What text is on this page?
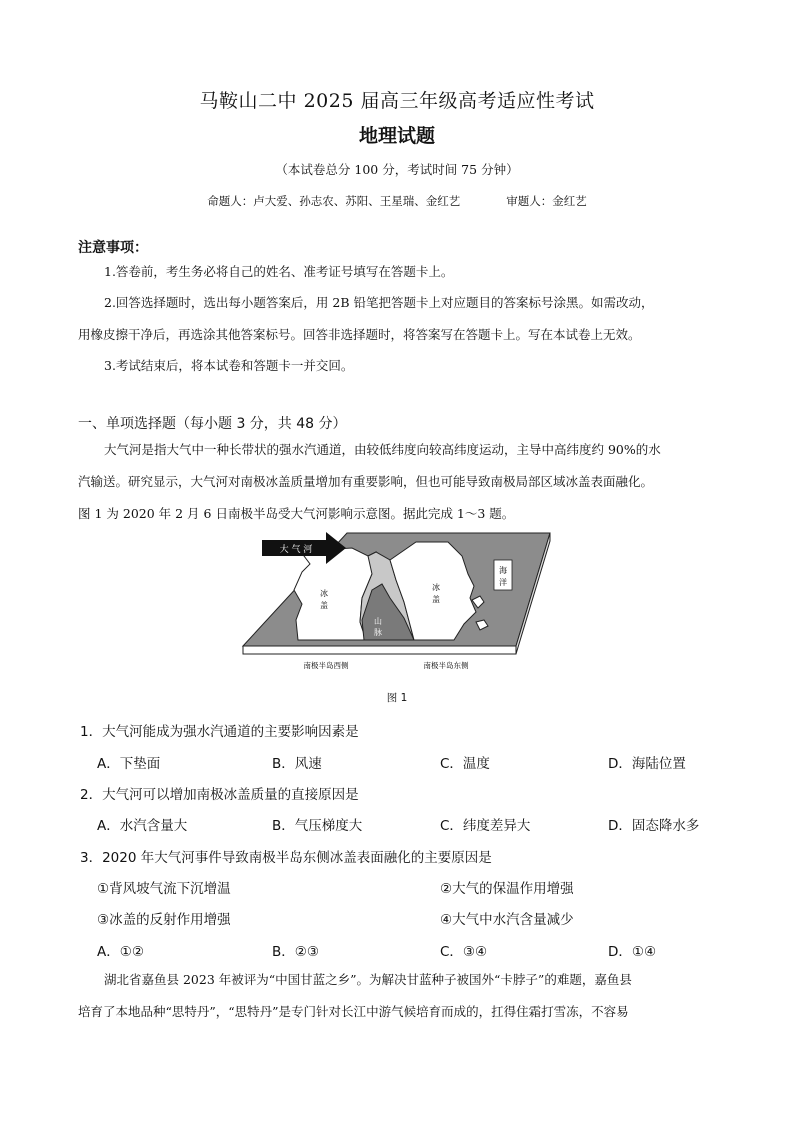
马鞍山二中 2025 届高三年级高考适应性考试
地理试题
（本试卷总分 100 分，考试时间 75 分钟）
命题人：卢大爱、孙志农、苏阳、王星瑞、金红艺	审题人：金红艺
注意事项：
1.答卷前，考生务必将自己的姓名、准考证号填写在答题卡上。
2.回答选择题时，选出每小题答案后，用 2B 铅笔把答题卡上对应题目的答案标号涂黑。如需改动，
用橡皮擦干净后，再选涂其他答案标号。回答非选择题时，将答案写在答题卡上。写在本试卷上无效。
3.考试结束后，将本试卷和答题卡一并交回。
一、单项选择题（每小题 3 分，共 48 分）
大气河是指大气中一种长带状的强水汽通道，由较低纬度向较高纬度运动，主导中高纬度约 90%的水
汽输送。研究显示，大气河对南极冰盖质量增加有重要影响，但也可能导致南极局部区域冰盖表面融化。
图 1 为 2020 年 2 月 6 日南极半岛受大气河影响示意图。据此完成 1～3 题。
海
洋
大 气 河
冰
盖
冰
盖
山
脉
南极半岛西侧	南极半岛东侧
图 1
1．大气河能成为强水汽通道的主要影响因素是
A．下垫面	B．风速	C．温度	D．海陆位置
2．大气河可以增加南极冰盖质量的直接原因是
A．水汽含量大	B．气压梯度大	C．纬度差异大	D．固态降水多
3．2020 年大气河事件导致南极半岛东侧冰盖表面融化的主要原因是
①背风坡气流下沉增温	②大气的保温作用增强
③冰盖的反射作用增强	④大气中水汽含量减少
A．①②	B．②③	C．③④	D．①④
湖北省嘉鱼县 2023 年被评为“中国甘蓝之乡”。为解决甘蓝种子被国外“卡脖子”的难题，嘉鱼县
培育了本地品种“思特丹”，“思特丹”是专门针对长江中游气候培育而成的，扛得住霜打雪冻，不容易
